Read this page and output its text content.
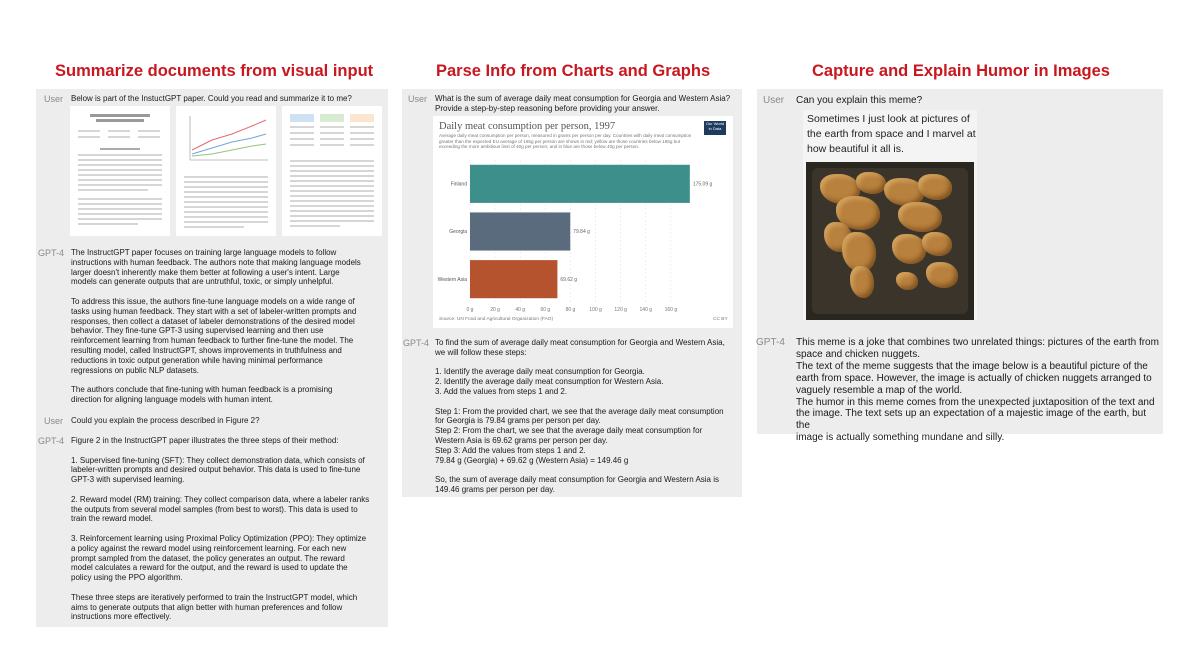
Summarize documents from visual input	Parse Info from Charts and Graphs	Capture and Explain Humor in Images
User Below is part of the InstuctGPT paper. Could you read and summarize it to me?
GPT-4 The InstructGPT paper focuses on training large language models to follow
instructions with human feedback. The authors note that making language models
larger doesn't inherently make them better at following a user's intent. Large
models can generate outputs that are untruthful, toxic, or simply unhelpful.

To address this issue, the authors fine-tune language models on a wide range of
tasks using human feedback. They start with a set of labeler-written prompts and
responses, then collect a dataset of labeler demonstrations of the desired model
behavior. They fine-tune GPT-3 using supervised learning and then use
reinforcement learning from human feedback to further fine-tune the model. The
resulting model, called InstructGPT, shows improvements in truthfulness and
reductions in toxic output generation while having minimal performance
regressions on public NLP datasets.

The authors conclude that fine-tuning with human feedback is a promising
direction for aligning language models with human intent.

User Could you explain the process described in Figure 2?
GPT-4 Figure 2 in the InstructGPT paper illustrates the three steps of their method:

1. Supervised fine-tuning (SFT): They collect demonstration data, which consists of
labeler-written prompts and desired output behavior. This data is used to fine-tune
GPT-3 with supervised learning.

2. Reward model (RM) training: They collect comparison data, where a labeler ranks
the outputs from several model samples (from best to worst). This data is used to
train the reward model.

3. Reinforcement learning using Proximal Policy Optimization (PPO): They optimize
a policy against the reward model using reinforcement learning. For each new
prompt sampled from the dataset, the policy generates an output. The reward
model calculates a reward for the output, and the reward is used to update the
policy using the PPO algorithm.

These three steps are iteratively performed to train the InstructGPT model, which
aims to generate outputs that align better with human preferences and follow
instructions more effectively.

User What is the sum of average daily meat consumption for Georgia and Western Asia?
Provide a step-by-step reasoning before providing your answer.

Daily meat consumption per person, 1997
Average daily meat consumption per person, measured in grams per person per day. Countries with daily meat consumption greater than the expected EU average of 165g per person are shown in red; yellow are those countries below 165g but exceeding the more ambitious limit of 40g per person; and in blue are those below 40g per person.
Our World in Data
0 g	20 g	40 g	60 g	80 g	100 g	120 g	140 g	160 g
Finland	175.09 g
Georgia	79.84 g
Western Asia	69.62 g
Source: UN Food and Agricultural Organization (FAO)	CC BY
GPT-4 To find the sum of average daily meat consumption for Georgia and Western Asia,
we will follow these steps:

1. Identify the average daily meat consumption for Georgia.
2. Identify the average daily meat consumption for Western Asia.
3. Add the values from steps 1 and 2.

Step 1: From the provided chart, we see that the average daily meat consumption
for Georgia is 79.84 grams per person per day.
Step 2: From the chart, we see that the average daily meat consumption for
Western Asia is 69.62 grams per person per day.
Step 3: Add the values from steps 1 and 2.
79.84 g (Georgia) + 69.62 g (Western Asia) = 149.46 g

So, the sum of average daily meat consumption for Georgia and Western Asia is
149.46 grams per person per day.

User Can you explain this meme?
Sometimes I just look at pictures of the earth from space and I marvel at how beautiful it all is.
GPT-4 This meme is a joke that combines two unrelated things: pictures of the earth from

space and chicken nuggets.

The text of the meme suggests that the image below is a beautiful picture of the

earth from space. However, the image is actually of chicken nuggets arranged to

vaguely resemble a map of the world.

The humor in this meme comes from the unexpected juxtaposition of the text and

the image. The text sets up an expectation of a majestic image of the earth, but the

image is actually something mundane and silly.
